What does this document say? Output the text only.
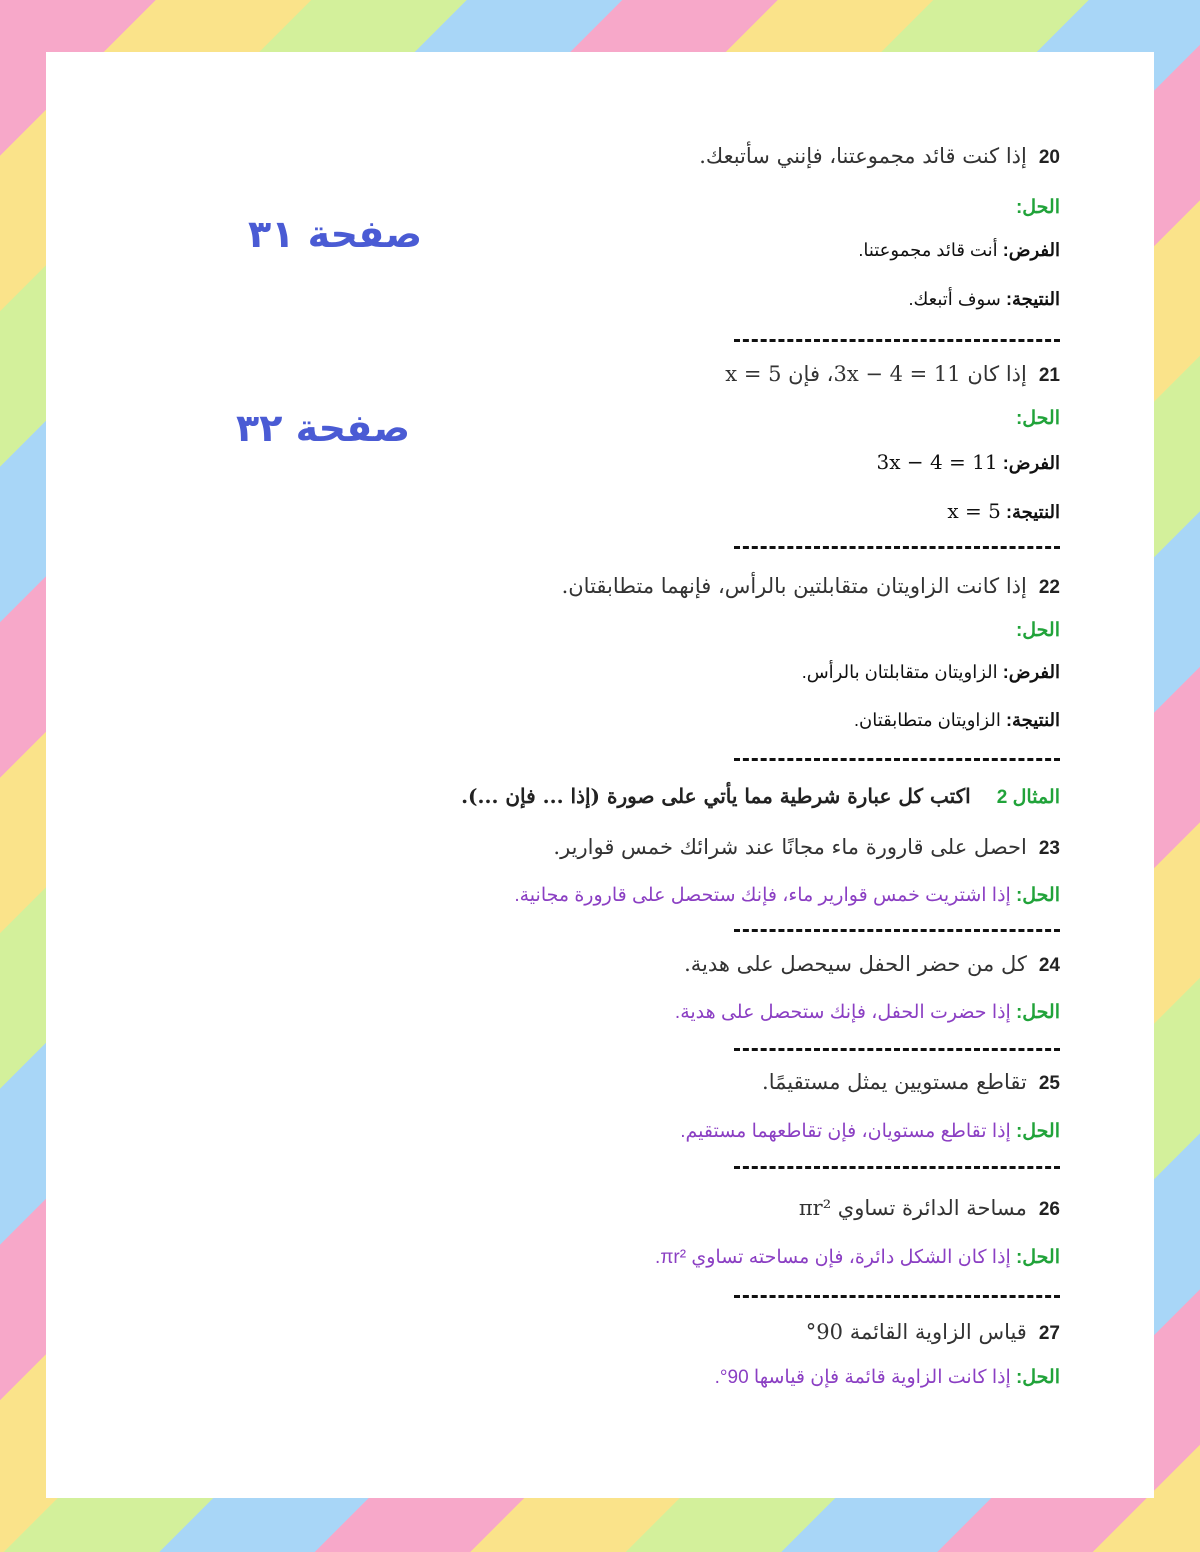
صفحة ٣١
صفحة ٣٢
20إذا كنت قائد مجموعتنا، فإنني سأتبعك.
الحل:
الفرض: أنت قائد مجموعتنا.
النتيجة: سوف أتبعك.
21إذا كان 11 = 3x − 4، فإن x = 5
الحل:
الفرض: 3x − 4 = 11
النتيجة: x = 5
22إذا كانت الزاويتان متقابلتين بالرأس، فإنهما متطابقتان.
الحل:
الفرض: الزاويتان متقابلتان بالرأس.
النتيجة: الزاويتان متطابقتان.
المثال 2اكتب كل عبارة شرطية مما يأتي على صورة (إذا ... فإن ...).
23احصل على قارورة ماء مجانًا عند شرائك خمس قوارير.
الحل: إذا اشتريت خمس قوارير ماء، فإنك ستحصل على قارورة مجانية.
24كل من حضر الحفل سيحصل على هدية.
الحل: إذا حضرت الحفل، فإنك ستحصل على هدية.
25تقاطع مستويين يمثل مستقيمًا.
الحل: إذا تقاطع مستويان، فإن تقاطعهما مستقيم.
26مساحة الدائرة تساوي πr²
الحل: إذا كان الشكل دائرة، فإن مساحته تساوي πr².
27قياس الزاوية القائمة 90°
الحل: إذا كانت الزاوية قائمة فإن قياسها 90°.
